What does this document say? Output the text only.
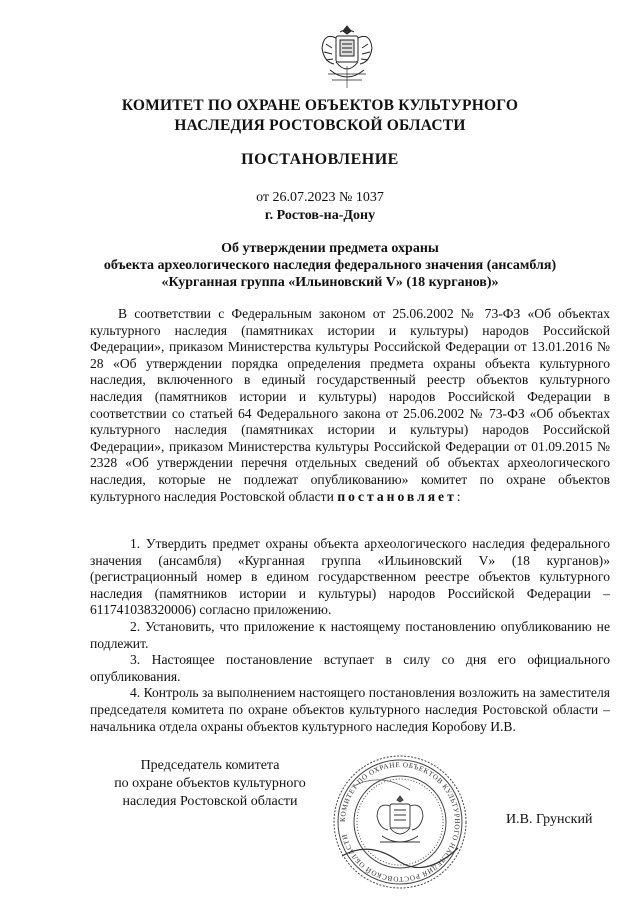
КОМИТЕТ ПО ОХРАНЕ ОБЪЕКТОВ КУЛЬТУРНОГО
НАСЛЕДИЯ РОСТОВСКОЙ ОБЛАСТИ
ПОСТАНОВЛЕНИЕ
от 26.07.2023 № 1037
г. Ростов-на-Дону
Об утверждении предмета охраны
объекта археологического наследия федерального значения (ансамбля)
«Курганная группа «Ильиновский V» (18 курганов)»

В соответствии с Федеральным законом от 25.06.2002 № 73-ФЗ «Об объектах культурного наследия (памятниках истории и культуры) народов Российской Федерации», приказом Министерства культуры Российской Федерации от 13.01.2016 № 28 «Об утверждении порядка определения предмета охраны объекта культурного наследия, включенного в единый государственный реестр объектов культурного наследия (памятников истории и культуры) народов Российской Федерации в соответствии со статьей 64 Федерального закона от 25.06.2002 № 73-ФЗ «Об объектах культурного наследия (памятниках истории и культуры) народов Российской Федерации», приказом Министерства культуры Российской Федерации от 01.09.2015 № 2328 «Об утверждении перечня отдельных сведений об объектах археологического наследия, которые не подлежат опубликованию» комитет по охране объектов культурного наследия Ростовской области постановляет:

1. Утвердить предмет охраны объекта археологического наследия федерального значения (ансамбля) «Курганная группа «Ильиновский V» (18 курганов)» (регистрационный номер в едином государственном реестре объектов культурного наследия (памятников истории и культуры) народов Российской Федерации – 611741038320006) согласно приложению.

2. Установить, что приложение к настоящему постановлению опубликованию не подлежит.

3. Настоящее постановление вступает в силу со дня его официального опубликования.

4. Контроль за выполнением настоящего постановления возложить на заместителя председателя комитета по охране объектов культурного наследия Ростовской области – начальника отдела охраны объектов культурного наследия Коробову И.В.

Председатель комитета
по охране объектов культурного
наследия Ростовской области
КОМИТЕТ ПО ОХРАНЕ ОБЪЕКТОВ КУЛЬТУРНОГО НАСЛЕДИЯ РОСТОВСКОЙ ОБЛАСТИ
И.В. Грунский
